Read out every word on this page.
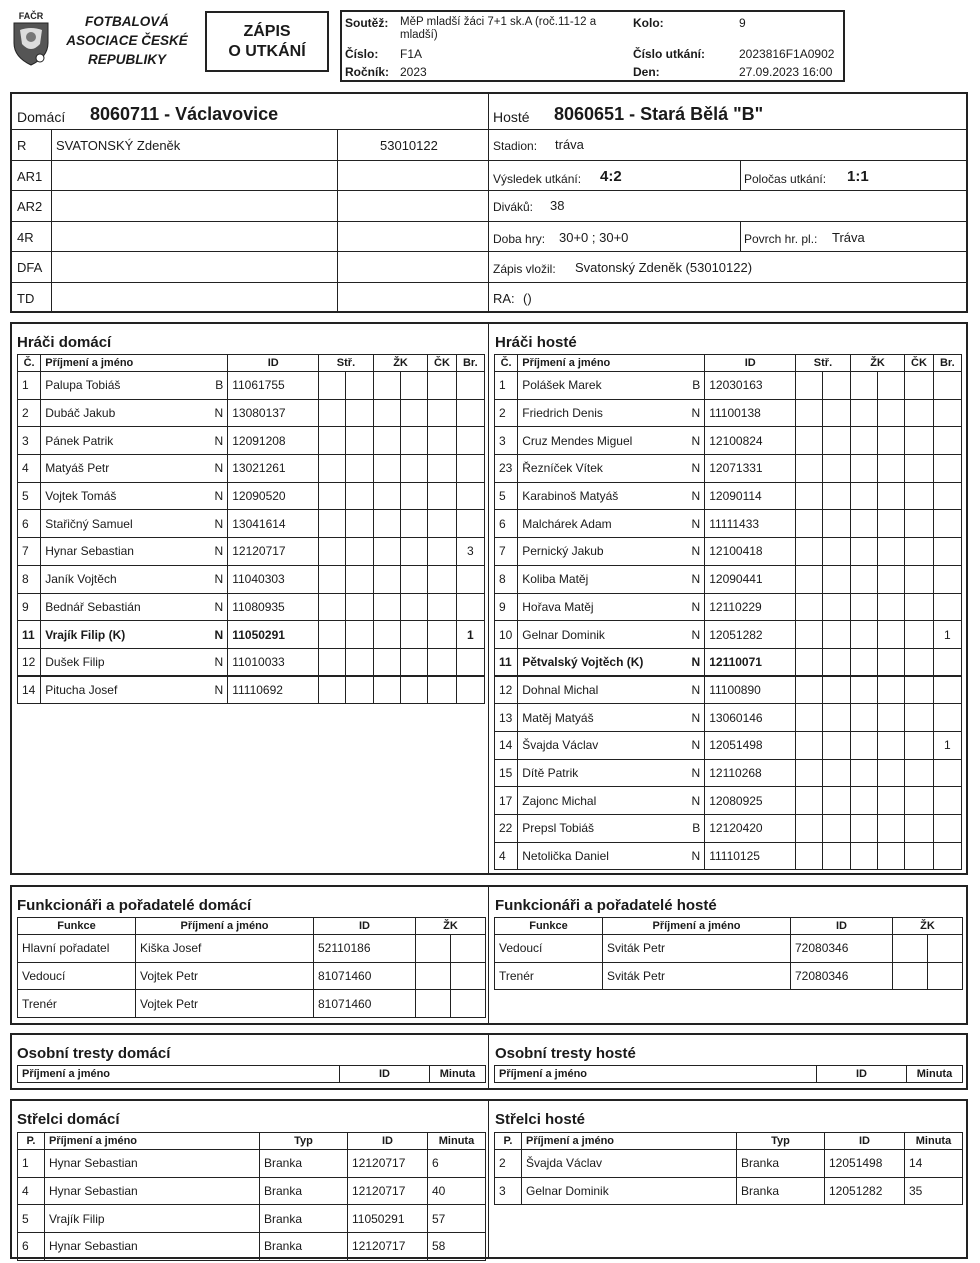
FAČR	FOTBALOVÁ
ASOCIACE ČESKÉ
REPUBLIKY
ZÁPIS
O UTKÁNÍ
Soutěž: MěP mladší žáci 7+1 sk.A (roč.11-12 a mladší)
Číslo: F1A
Ročník: 2023
Kolo:	9
Číslo utkání:	2023816F1A0902
Den:	27.09.2023 16:00
Domácí 8060711 - Václavovice	Hosté 8060651 - Stará Bělá "B"
R SVATONSKÝ Zdeněk	53010122
AR1
AR2
4R
DFA
TD
Stadion: tráva
Výsledek utkání: 4:2	Poločas utkání: 1:1
Diváků: 38
Doba hry: 30+0 ; 30+0	Povrch hr. pl.: Tráva
Zápis vložil: Svatonský Zdeněk (53010122)
RA: ()
Hráči domácí	Hráči hosté
Č.	Příjmení a jméno	ID	Stř.		ŽK		ČK	Br.
1	Palupa Tobiáš B	11061755						
2	Dubáč Jakub N	13080137						
3	Pánek Patrik N	12091208						
4	Matyáš Petr N	13021261						
5	Vojtek Tomáš N	12090520						
6	Stařičný Samuel N	13041614						
7	Hynar Sebastian N	12120717						3
8	Janík Vojtěch N	11040303						
9	Bednář Sebastián N	11080935						
11	Vrajík Filip (K) N	11050291						1
12	Dušek Filip N	11010033						
14	Pitucha Josef N	11110692						
Č.	Příjmení a jméno	ID	Stř.		ŽK		ČK	Br.
1	Polášek Marek B	12030163						
2	Friedrich Denis N	11100138						
3	Cruz Mendes Miguel N	12100824						
23	Řezníček Vítek N	12071331						
5	Karabinoš Matyáš N	12090114						
6	Malchárek Adam N	11111433						
7	Pernický Jakub N	12100418						
8	Koliba Matěj N	12090441						
9	Hořava Matěj N	12110229						
10	Gelnar Dominik N	12051282						1
11	Pětvalský Vojtěch (K) N	12110071						
12	Dohnal Michal N	11100890						
13	Matěj Matyáš N	13060146						
14	Švajda Václav N	12051498						1
15	Dítě Patrik N	12110268						
17	Zajonc Michal N	12080925						
22	Prepsl Tobiáš B	12120420						
4	Netolička Daniel N	11110125						
Funkcionáři a pořadatelé domácí	Funkcionáři a pořadatelé hosté
Funkce	Příjmení a jméno	ID	ŽK	
Hlavní pořadatel	Kiška Josef	52110186		
Vedoucí	Vojtek Petr	81071460		
Trenér	Vojtek Petr	81071460		
Funkce	Příjmení a jméno	ID	ŽK	
Vedoucí	Sviták Petr	72080346		
Trenér	Sviták Petr	72080346		
Osobní tresty domácí	Osobní tresty hosté
Příjmení a jméno	ID	Minuta Příjmení a jméno	ID	Minuta
Střelci domácí	Střelci hosté
P.	Příjmení a jméno	Typ	ID	Minuta
1	Hynar Sebastian	Branka	12120717	6
4	Hynar Sebastian	Branka	12120717	40
5	Vrajík Filip	Branka	11050291	57
6	Hynar Sebastian	Branka	12120717	58
P.	Příjmení a jméno	Typ	ID	Minuta
2	Švajda Václav	Branka	12051498	14
3	Gelnar Dominik	Branka	12051282	35
